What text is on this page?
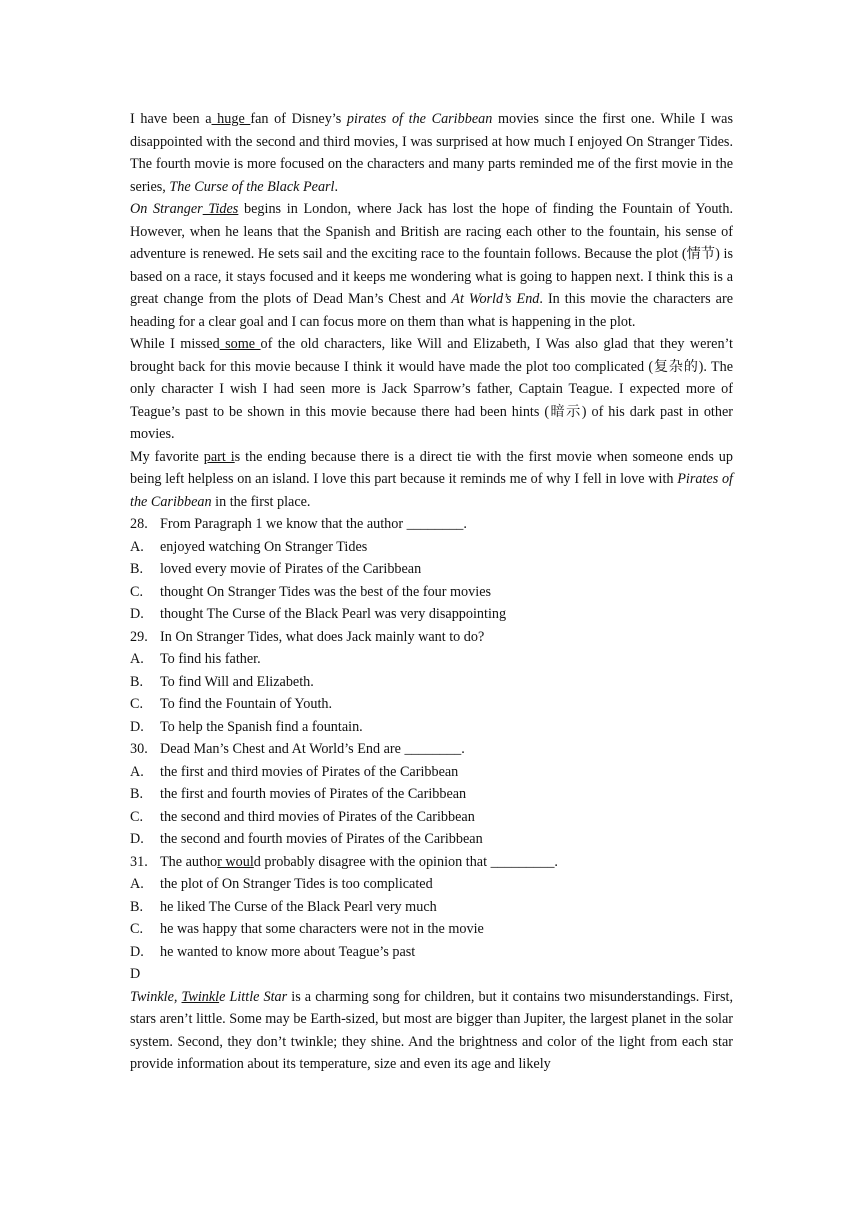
I have been a huge fan of Disney’s pirates of the Caribbean movies since the first one. While I was disappointed with the second and third movies, I was surprised at how much I enjoyed On Stranger Tides. The fourth movie is more focused on the characters and many parts reminded me of the first movie in the series, The Curse of the Black Pearl.

On Stranger Tides begins in London, where Jack has lost the hope of finding the Fountain of Youth. However, when he leans that the Spanish and British are racing each other to the fountain, his sense of adventure is renewed. He sets sail and the exciting race to the fountain follows. Because the plot (情节) is based on a race, it stays focused and it keeps me wondering what is going to happen next. I think this is a great change from the plots of Dead Man’s Chest and At World’s End. In this movie the characters are heading for a clear goal and I can focus more on them than what is happening in the plot.

While I missed some of the old characters, like Will and Elizabeth, I Was also glad that they weren’t brought back for this movie because I think it would have made the plot too complicated (复杂的). The only character I wish I had seen more is Jack Sparrow’s father, Captain Teague. I expected more of Teague’s past to be shown in this movie because there had been hints (暗示) of his dark past in other movies.

My favorite part is the ending because there is a direct tie with the first movie when someone ends up being left helpless on an island. I love this part because it reminds me of why I fell in love with Pirates of the Caribbean in the first place.

28. From Paragraph 1 we know that the author ________.
A.	enjoyed watching On Stranger Tides
B.	loved every movie of Pirates of the Caribbean
C.	thought On Stranger Tides was the best of the four movies
D.	thought The Curse of the Black Pearl was very disappointing
29. In On Stranger Tides, what does Jack mainly want to do?
A.	To find his father.
B.	To find Will and Elizabeth.
C.	To find the Fountain of Youth.
D.	To help the Spanish find a fountain.
30. Dead Man’s Chest and At World’s End are ________.
A.	the first and third movies of Pirates of the Caribbean
B.	the first and fourth movies of Pirates of the Caribbean
C.	the second and third movies of Pirates of the Caribbean
D.	the second and fourth movies of Pirates of the Caribbean
31. The author would probably disagree with the opinion that _________.
A.	the plot of On Stranger Tides is too complicated
B.	he liked The Curse of the Black Pearl very much
C.	he was happy that some characters were not in the movie
D.	he wanted to know more about Teague’s past

D

Twinkle, Twinkle Little Star is a charming song for children, but it contains two misunderstandings. First, stars aren’t little. Some may be Earth-sized, but most are bigger than Jupiter, the largest planet in the solar system. Second, they don’t twinkle; they shine. And the brightness and color of the light from each star provide information about its temperature, size and even its age and likely
